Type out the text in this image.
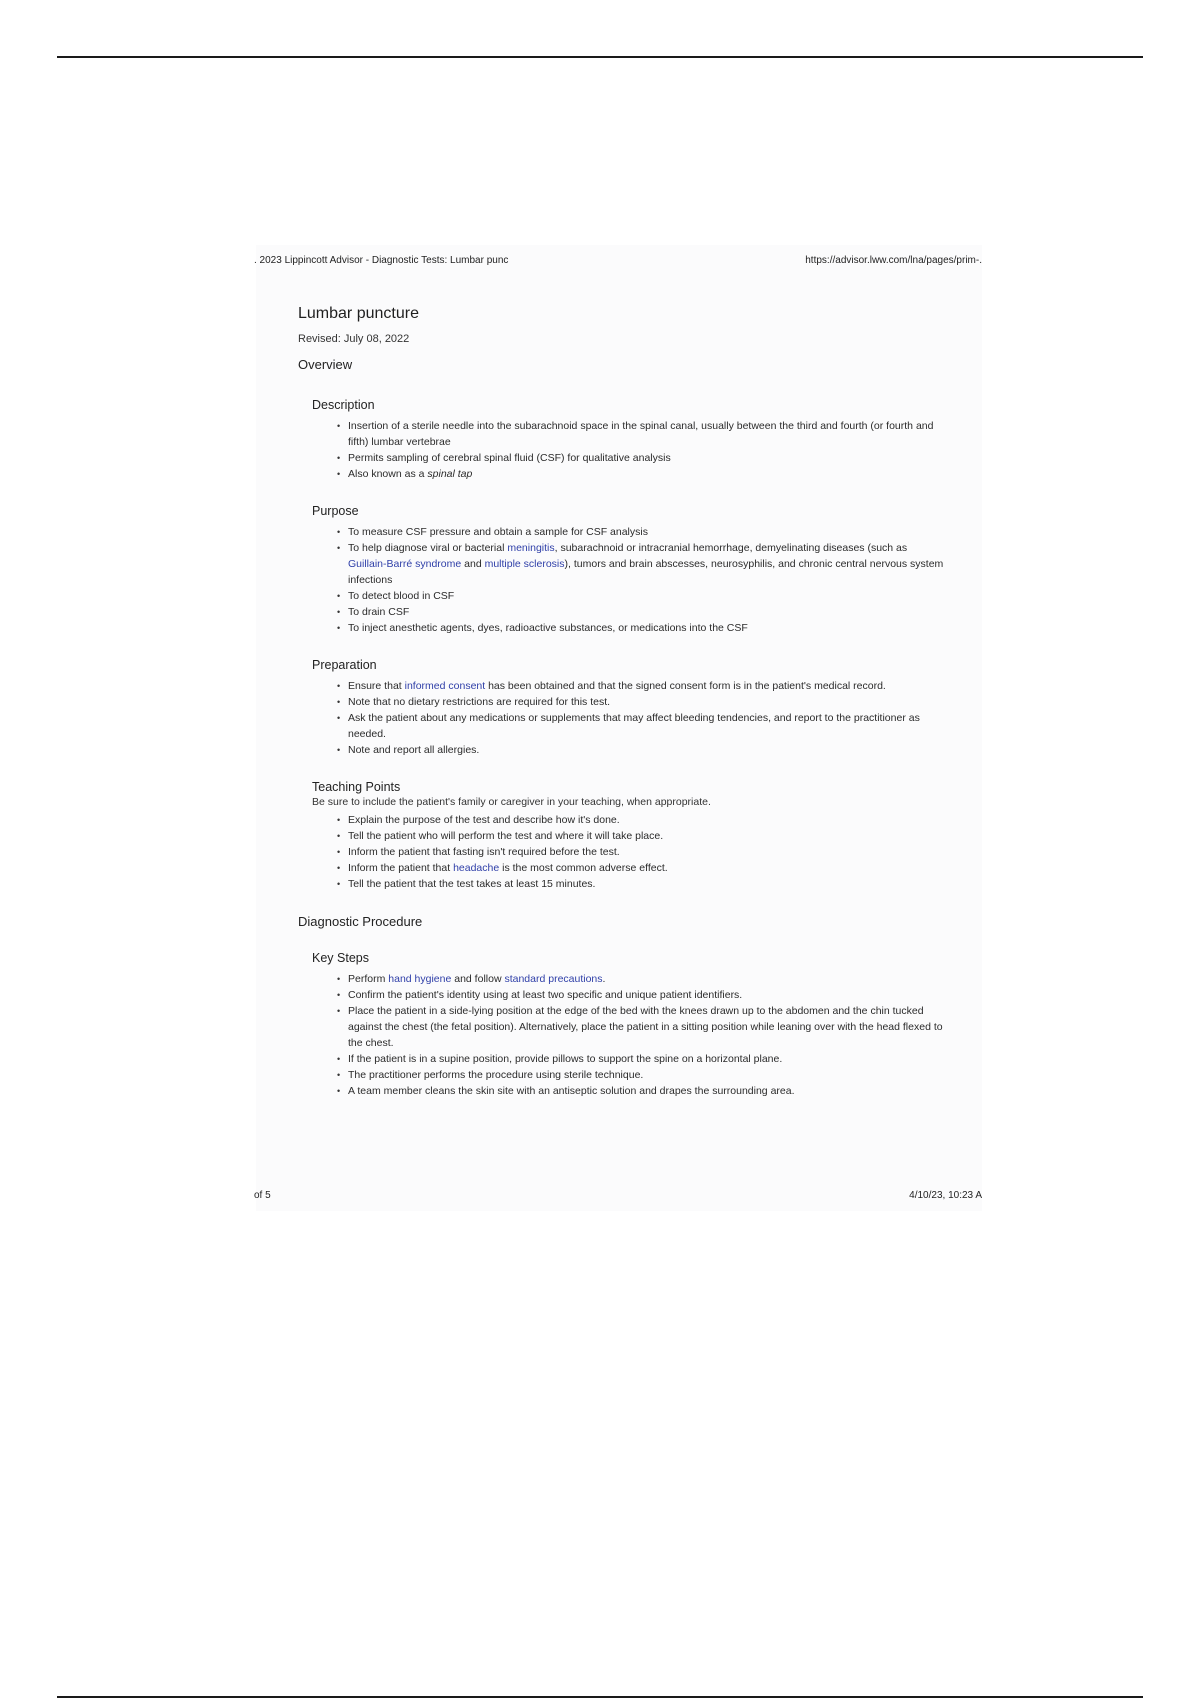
. 2023 Lippincott Advisor - Diagnostic Tests: Lumbar punc	https://advisor.lww.com/lna/pages/prim-.
Lumbar puncture

Revised: July 08, 2022

Overview
Description
• Insertion of a sterile needle into the subarachnoid space in the spinal canal, usually between the third and fourth (or fourth and fifth) lumbar vertebrae
• Permits sampling of cerebral spinal fluid (CSF) for qualitative analysis
• Also known as a spinal tap
Purpose
• To measure CSF pressure and obtain a sample for CSF analysis
• To help diagnose viral or bacterial meningitis, subarachnoid or intracranial hemorrhage, demyelinating diseases (such as Guillain-Barré syndrome and multiple sclerosis), tumors and brain abscesses, neurosyphilis, and chronic central nervous system infections
• To detect blood in CSF
• To drain CSF
• To inject anesthetic agents, dyes, radioactive substances, or medications into the CSF
Preparation
• Ensure that informed consent has been obtained and that the signed consent form is in the patient's medical record.
• Note that no dietary restrictions are required for this test.
• Ask the patient about any medications or supplements that may affect bleeding tendencies, and report to the practitioner as needed.
• Note and report all allergies.
Teaching Points

Be sure to include the patient's family or caregiver in your teaching, when appropriate.

• Explain the purpose of the test and describe how it's done.
• Tell the patient who will perform the test and where it will take place.
• Inform the patient that fasting isn't required before the test.
• Inform the patient that headache is the most common adverse effect.
• Tell the patient that the test takes at least 15 minutes.
Diagnostic Procedure
Key Steps
• Perform hand hygiene and follow standard precautions.
• Confirm the patient's identity using at least two specific and unique patient identifiers.
• Place the patient in a side-lying position at the edge of the bed with the knees drawn up to the abdomen and the chin tucked against the chest (the fetal position). Alternatively, place the patient in a sitting position while leaning over with the head flexed to the chest.
• If the patient is in a supine position, provide pillows to support the spine on a horizontal plane.
• The practitioner performs the procedure using sterile technique.
• A team member cleans the skin site with an antiseptic solution and drapes the surrounding area.
of 5	4/10/23, 10:23 A
